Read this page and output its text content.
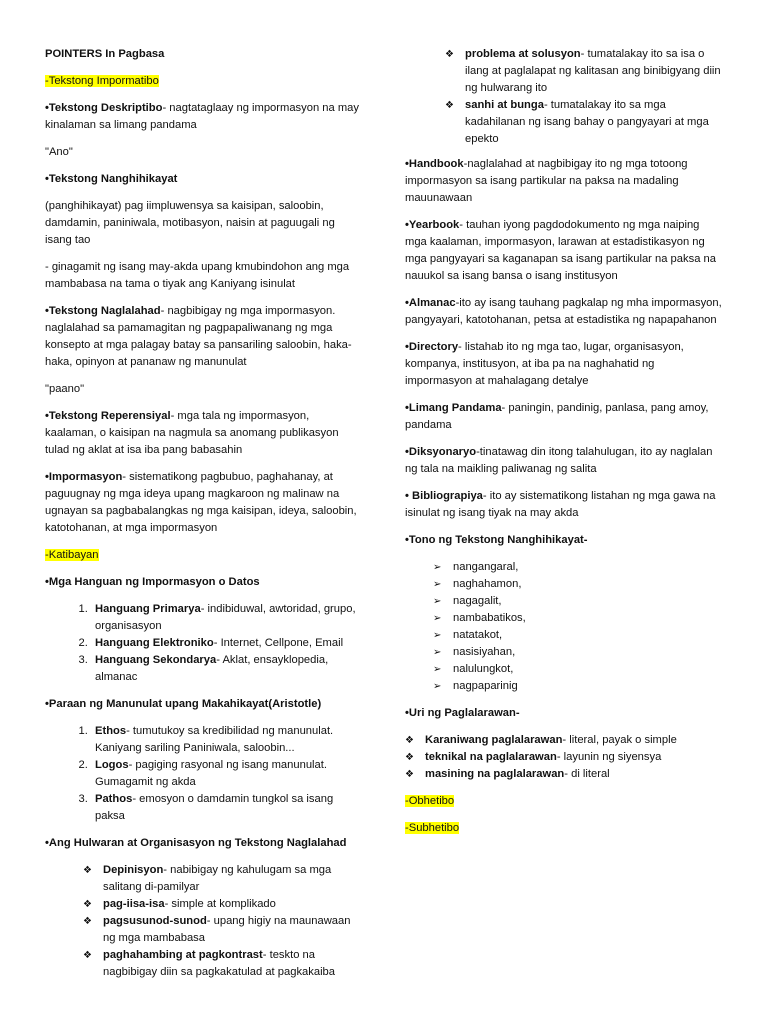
POINTERS In Pagbasa

-Tekstong Impormatibo

•Tekstong Deskriptibo- nagtataglaay ng impormasyon na may kinalaman sa limang pandama

"Ano"

•Tekstong Nanghihikayat

(panghihikayat) pag iimpluwensya sa kaisipan, saloobin, damdamin, paniniwala, motibasyon, naisin at paguugali ng isang tao

- ginagamit ng isang may-akda upang kmubindohon ang mga mambabasa na tama o tiyak ang Kaniyang isinulat

•Tekstong Naglalahad- nagbibigay ng mga impormasyon. naglalahad sa pamamagitan ng pagpapaliwanang ng mga konsepto at mga palagay batay sa pansariling saloobin, haka-haka, opinyon at pananaw ng manunulat

"paano"

•Tekstong Reperensiyal- mga tala ng impormasyon, kaalaman, o kaisipan na nagmula sa anomang publikasyon tulad ng aklat at isa iba pang babasahin

•Impormasyon- sistematikong pagbubuo, paghahanay, at paguugnay ng mga ideya upang magkaroon ng malinaw na ugnayan sa pagbabalangkas ng mga kaisipan, ideya, saloobin, katotohanan, at mga impormasyon

-Katibayan

•Mga Hanguan ng Impormasyon o Datos

1. Hanguang Primarya- indibiduwal, awtoridad, grupo, organisasyon
2. Hanguang Elektroniko- Internet, Cellpone, Email
3. Hanguang Sekondarya- Aklat, ensayklopedia, almanac

•Paraan ng Manunulat upang Makahikayat(Aristotle)

1. Ethos- tumutukoy sa kredibilidad ng manunulat. Kaniyang sariling Paniniwala, saloobin...
2. Logos- pagiging rasyonal ng isang manunulat. Gumagamit ng akda
3. Pathos- emosyon o damdamin tungkol sa isang paksa

•Ang Hulwaran at Organisasyon ng Tekstong Naglalahad

❖ Depinisyon- nabibigay ng kahulugam sa mga salitang di-pamilyar
❖ pag-iisa-isa- simple at komplikado
❖ pagsusunod-sunod- upang higiy na maunawaan ng mga mambabasa
❖ paghahambing at pagkontrast- teskto na nagbibigay diin sa pagkakatulad at pagkakaiba
❖ problema at solusyon- tumatalakay ito sa isa o ilang at paglalapat ng kalitasan ang binibigyang diin ng hulwarang ito
❖ sanhi at bunga- tumatalakay ito sa mga kadahilanan ng isang bahay o pangyayari at mga epekto

•Handbook-naglalahad at nagbibigay ito ng mga totoong impormasyon sa isang partikular na paksa na madaling mauunawaan

•Yearbook- tauhan iyong pagdodokumento ng mga naiping mga kaalaman, impormasyon, larawan at estadistikasyon ng mga pangyayari sa kaganapan sa isang partikular na paksa na nauukol sa isang bansa o isang institusyon

•Almanac-ito ay isang tauhang pagkalap ng mha impormasyon, pangyayari, katotohanan, petsa at estadistika ng napapahanon

•Directory- listahab ito ng mga tao, lugar, organisasyon, kompanya, institusyon, at iba pa na naghahatid ng impormasyon at mahalagang detalye

•Limang Pandama- paningin, pandinig, panlasa, pang amoy, pandama

•Diksyonaryo-tinatawag din itong talahulugan, ito ay naglalan ng tala na maikling paliwanag ng salita

• Bibliograpiya- ito ay sistematikong listahan ng mga gawa na isinulat ng isang tiyak na may akda

•Tono ng Tekstong Nanghihikayat-

➢ nangangaral,
➢ naghahamon,
➢ nagagalit,
➢ nambabatikos,
➢ natatakot,
➢ nasisiyahan,
➢ nalulungkot,
➢ nagpaparinig

•Uri ng Paglalarawan-

❖ Karaniwang paglalarawan- literal, payak o simple
❖ teknikal na paglalarawan- layunin ng siyensya
❖ masining na paglalarawan- di literal

-Obhetibo

-Subhetibo
